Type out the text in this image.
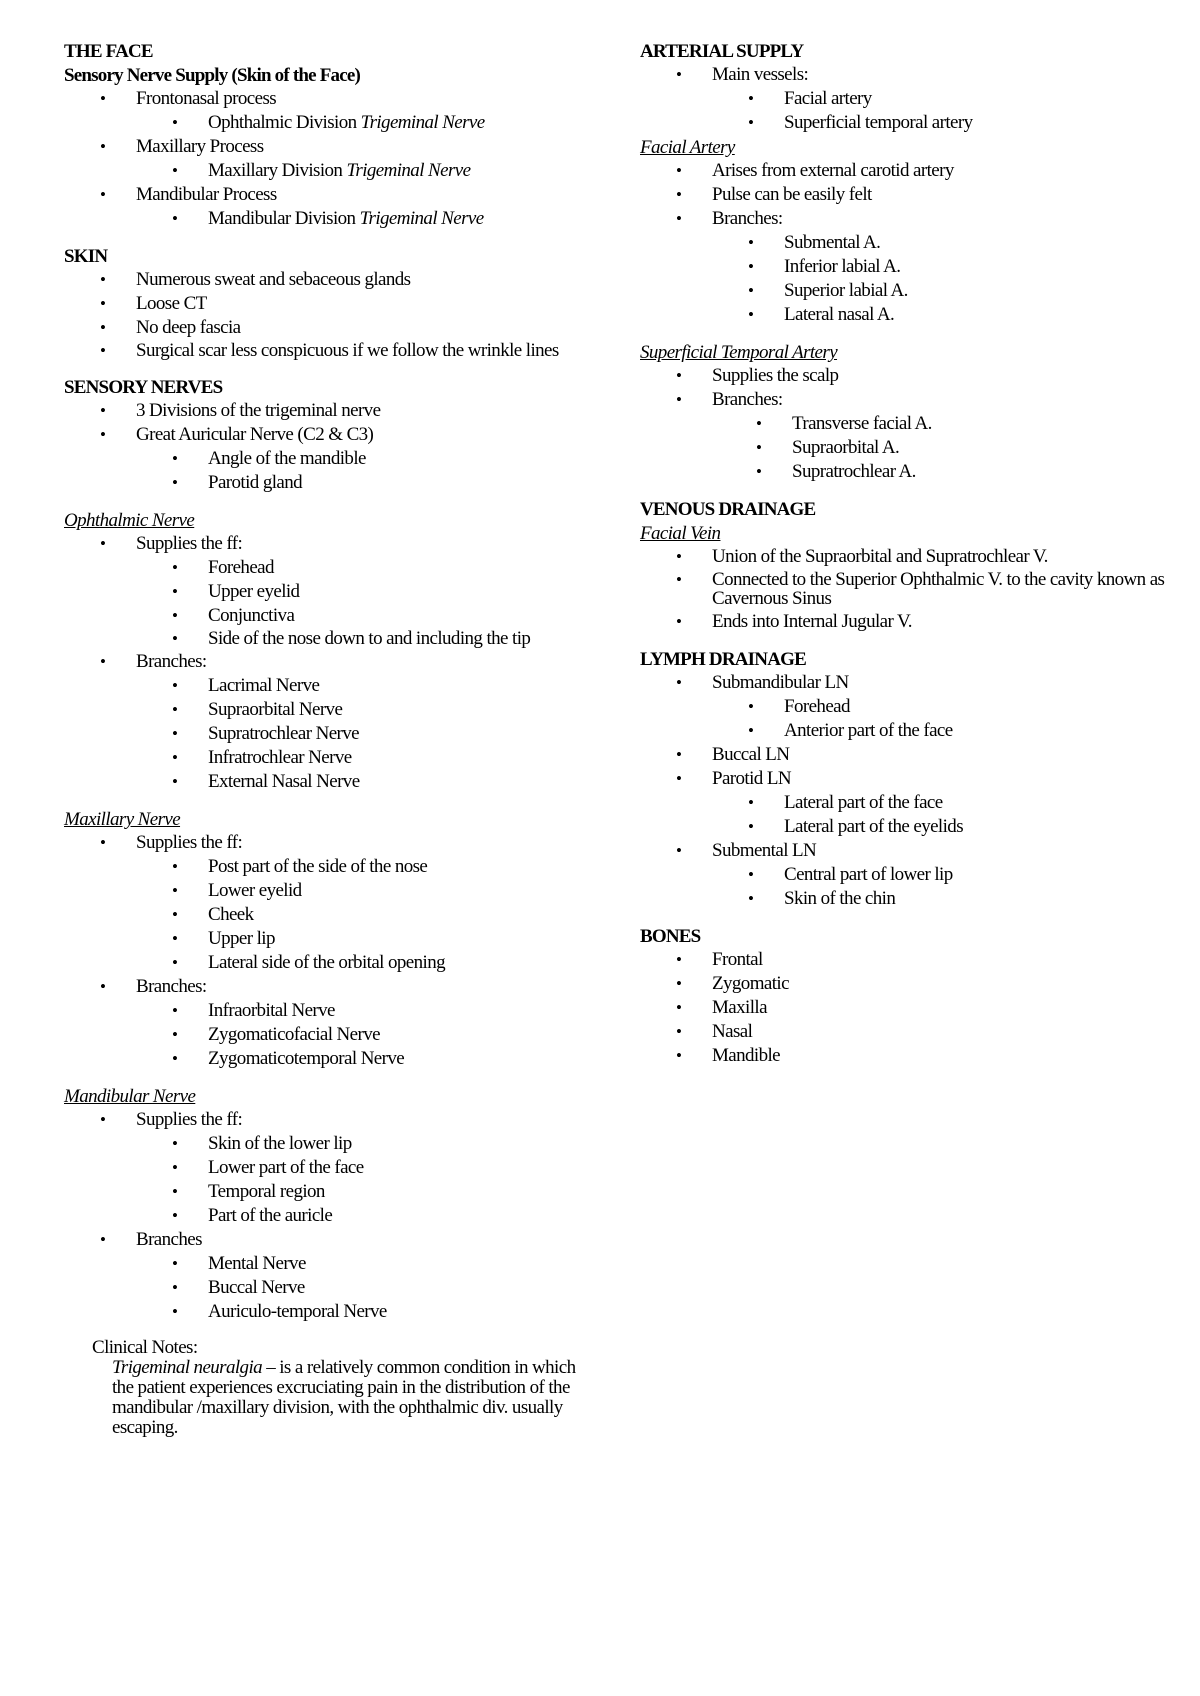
THE FACE

Sensory Nerve Supply (Skin of the Face)

• Frontonasal process
• Ophthalmic Division Trigeminal Nerve
• Maxillary Process
• Maxillary Division Trigeminal Nerve
• Mandibular Process
• Mandibular Division Trigeminal Nerve

SKIN

• Numerous sweat and sebaceous glands
• Loose CT
• No deep fascia
• Surgical scar less conspicuous if we follow the wrinkle lines

SENSORY NERVES

• 3 Divisions of the trigeminal nerve
• Great Auricular Nerve (C2 & C3)
• Angle of the mandible
• Parotid gland

Ophthalmic Nerve

• Supplies the ff:
• Forehead
• Upper eyelid
• Conjunctiva
• Side of the nose down to and including the tip
• Branches:
• Lacrimal Nerve
• Supraorbital Nerve
• Supratrochlear Nerve
• Infratrochlear Nerve
• External Nasal Nerve

Maxillary Nerve

• Supplies the ff:
• Post part of the side of the nose
• Lower eyelid
• Cheek
• Upper lip
• Lateral side of the orbital opening
• Branches:
• Infraorbital Nerve
• Zygomaticofacial Nerve
• Zygomaticotemporal Nerve

Mandibular Nerve

• Supplies the ff:
• Skin of the lower lip
• Lower part of the face
• Temporal region
• Part of the auricle
• Branches
• Mental Nerve
• Buccal Nerve
• Auriculo-temporal Nerve
Clinical Notes:
Trigeminal neuralgia – is a relatively common condition in which the patient experiences excruciating pain in the distribution of the mandibular /maxillary division, with the ophthalmic div. usually escaping.

ARTERIAL SUPPLY

• Main vessels:
• Facial artery
• Superficial temporal artery

Facial Artery

• Arises from external carotid artery
• Pulse can be easily felt
• Branches:
• Submental A.
• Inferior labial A.
• Superior labial A.
• Lateral nasal A.

Superficial Temporal Artery

• Supplies the scalp
• Branches:
• Transverse facial A.
• Supraorbital A.
• Supratrochlear A.

VENOUS DRAINAGE

Facial Vein

• Union of the Supraorbital and Supratrochlear V.
• Connected to the Superior Ophthalmic V. to the cavity known as Cavernous Sinus
• Ends into Internal Jugular V.

LYMPH DRAINAGE

• Submandibular LN
• Forehead
• Anterior part of the face
• Buccal LN
• Parotid LN
• Lateral part of the face
• Lateral part of the eyelids
• Submental LN
• Central part of lower lip
• Skin of the chin

BONES

• Frontal
• Zygomatic
• Maxilla
• Nasal
• Mandible
